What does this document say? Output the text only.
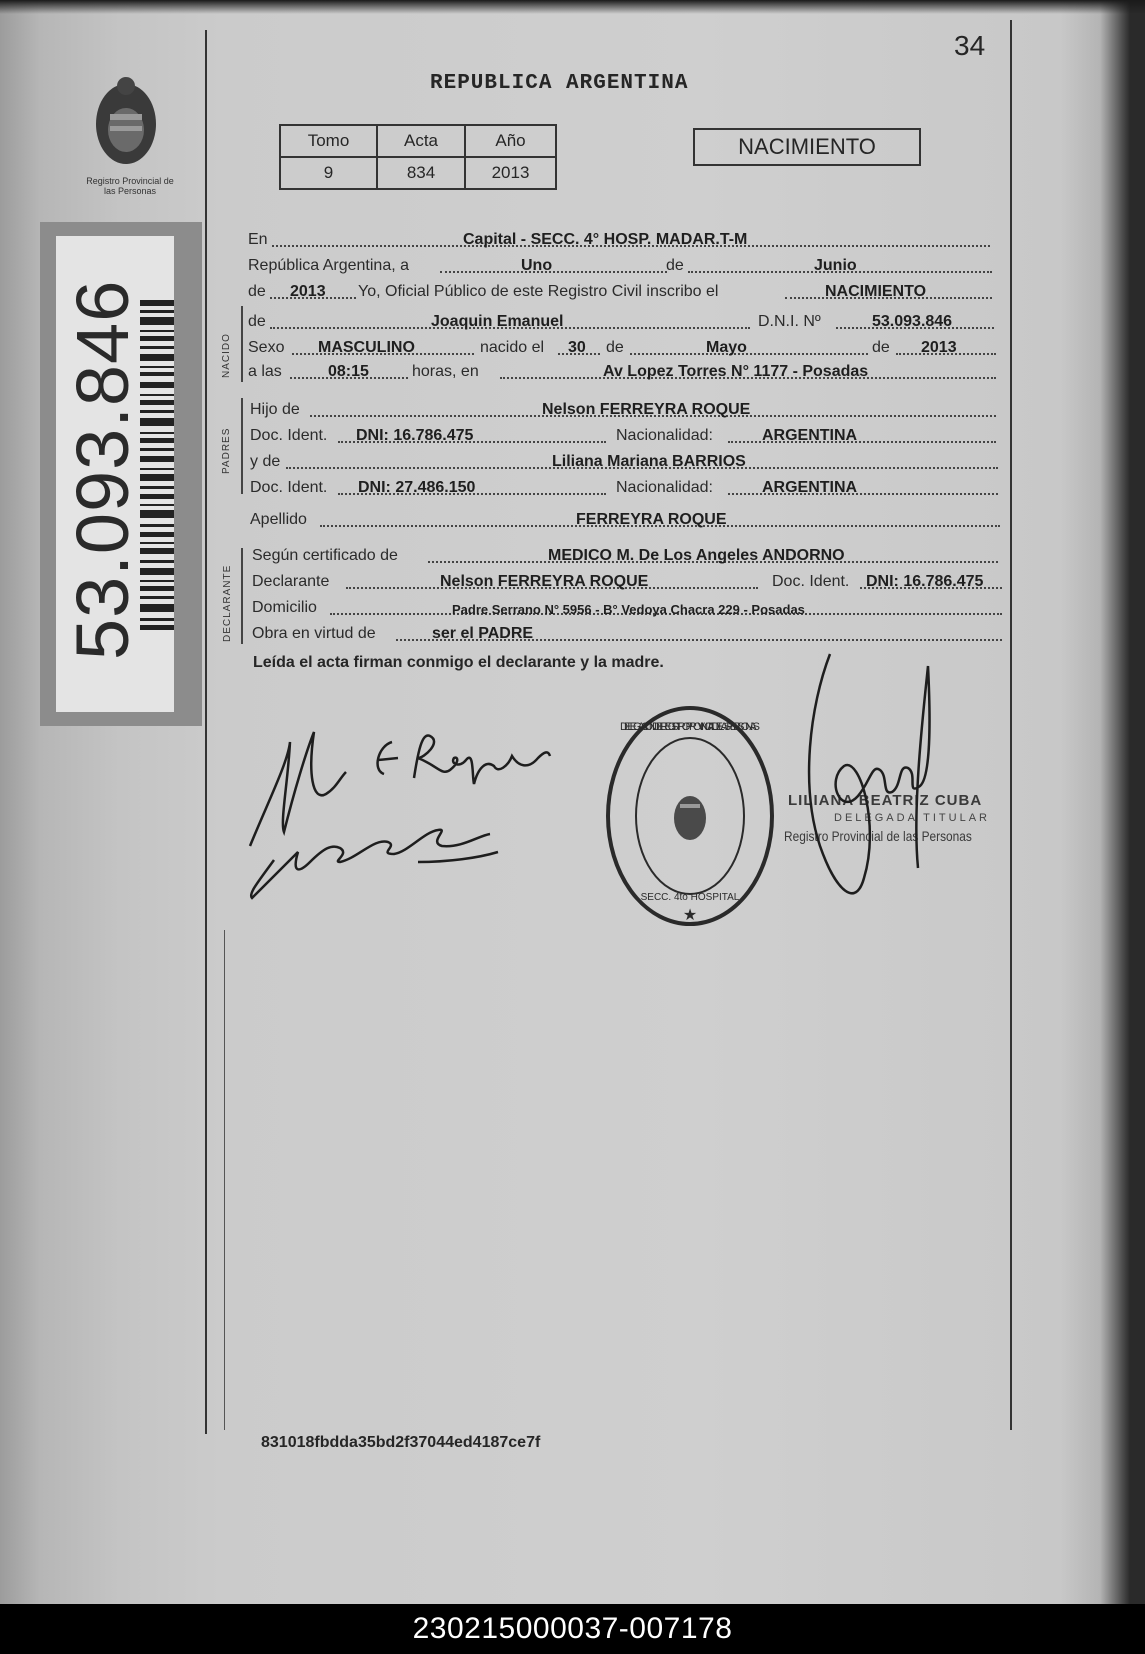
Registro Provincial de las Personas
53.093.846
34
REPUBLICA ARGENTINA
Tomo	Acta	Año
9	834	2013
NACIMIENTO
En	Capital - SECC. 4° HOSP. MADAR.T-M
República Argentina, a	Uno	de	Junio
de 2013 Yo, Oficial Público de este Registro Civil inscribo el	NACIMIENTO
NACIDO
de	Joaquin Emanuel	D.N.I. Nº	53.093.846
Sexo MASCULINO	nacido el 30 de	Mayo	de 2013
a las	08:15	horas, en	Av Lopez Torres N° 1177 - Posadas
PADRES
Hijo de	Nelson FERREYRA ROQUE
Doc. Ident. DNI: 16.786.475	Nacionalidad:	ARGENTINA
y de	Liliana Mariana BARRIOS
Doc. Ident. DNI: 27.486.150	Nacionalidad:	ARGENTINA
Apellido	FERREYRA ROQUE
DECLARANTE
Según certificado de	MEDICO M. De Los Angeles ANDORNO
Declarante	Nelson FERREYRA ROQUE	Doc. Ident. DNI: 16.786.475
Domicilio	Padre Serrano N° 5956 - B° Vedoya Chacra 229 - Posadas
Obra en virtud de	ser el PADRE
Leída el acta firman conmigo el declarante y la madre.
DELEGACION DEL REGISTRO PROVINCIAL DE LAS PERSONAS
SECC. 4to HOSPITAL
★
LILIANA BEATRIZ CUBA
DELEGADA TITULAR
Registro Provincial de las Personas
831018fbdda35bd2f37044ed4187ce7f
230215000037-007178
